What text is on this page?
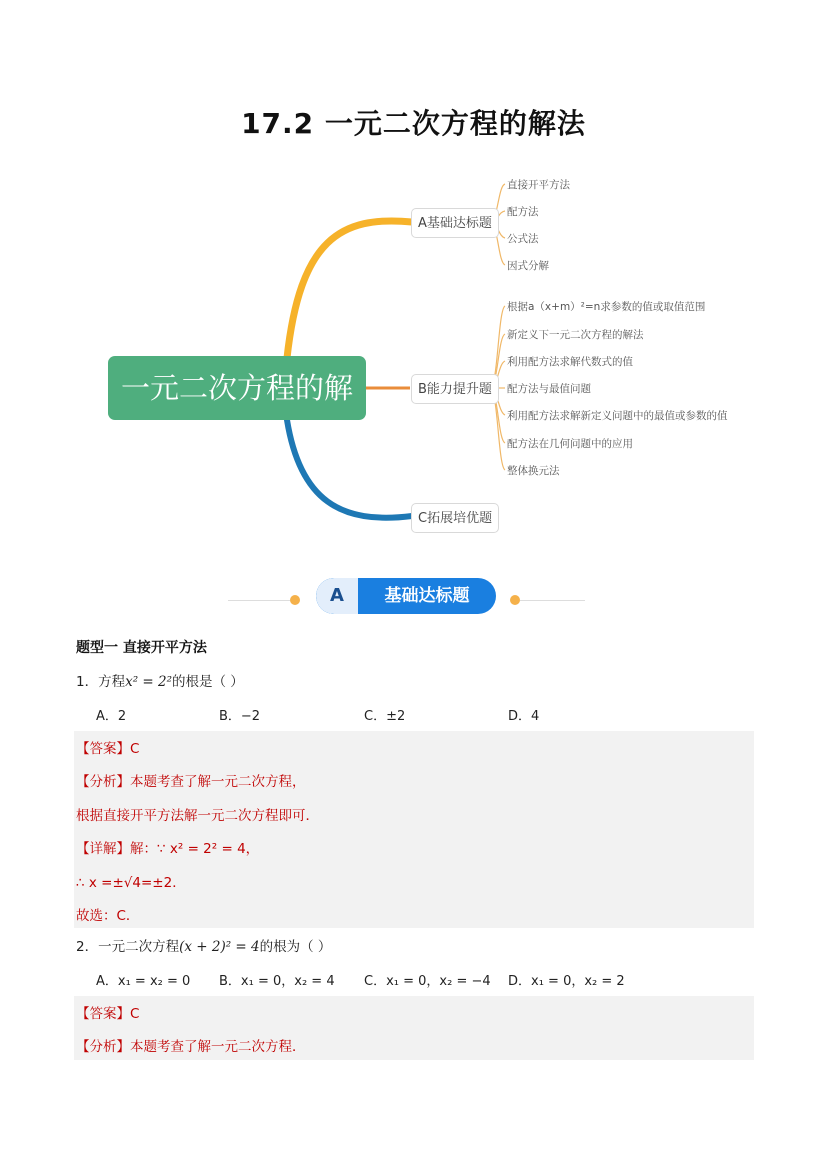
17.2 一元二次方程的解法
一元二次方程的解法
A基础达标题
B能力提升题
C拓展培优题
直接开平方法
配方法
公式法
因式分解
根据a（x+m）²=n求参数的值或取值范围
新定义下一元二次方程的解法
利用配方法求解代数式的值
配方法与最值问题
利用配方法求解新定义问题中的最值或参数的值
配方法在几何问题中的应用
整体换元法
A	基础达标题
题型一 直接开平方法
1．方程x² = 2²的根是（ ）
A．2	B．−2	C．±2	D．4
【答案】C
【分析】本题考查了解一元二次方程，
根据直接开平方法解一元二次方程即可．
【详解】解：∵ x² = 2² = 4，
∴ x =±√4=±2．
故选：C．
2．一元二次方程(x + 2)² = 4的根为（ ）
A．x₁ = x₂ = 0 B．x₁ = 0，x₂ = 4 C．x₁ = 0，x₂ = −4 D．x₁ = 0，x₂ = 2
【答案】C
【分析】本题考查了解一元二次方程．
